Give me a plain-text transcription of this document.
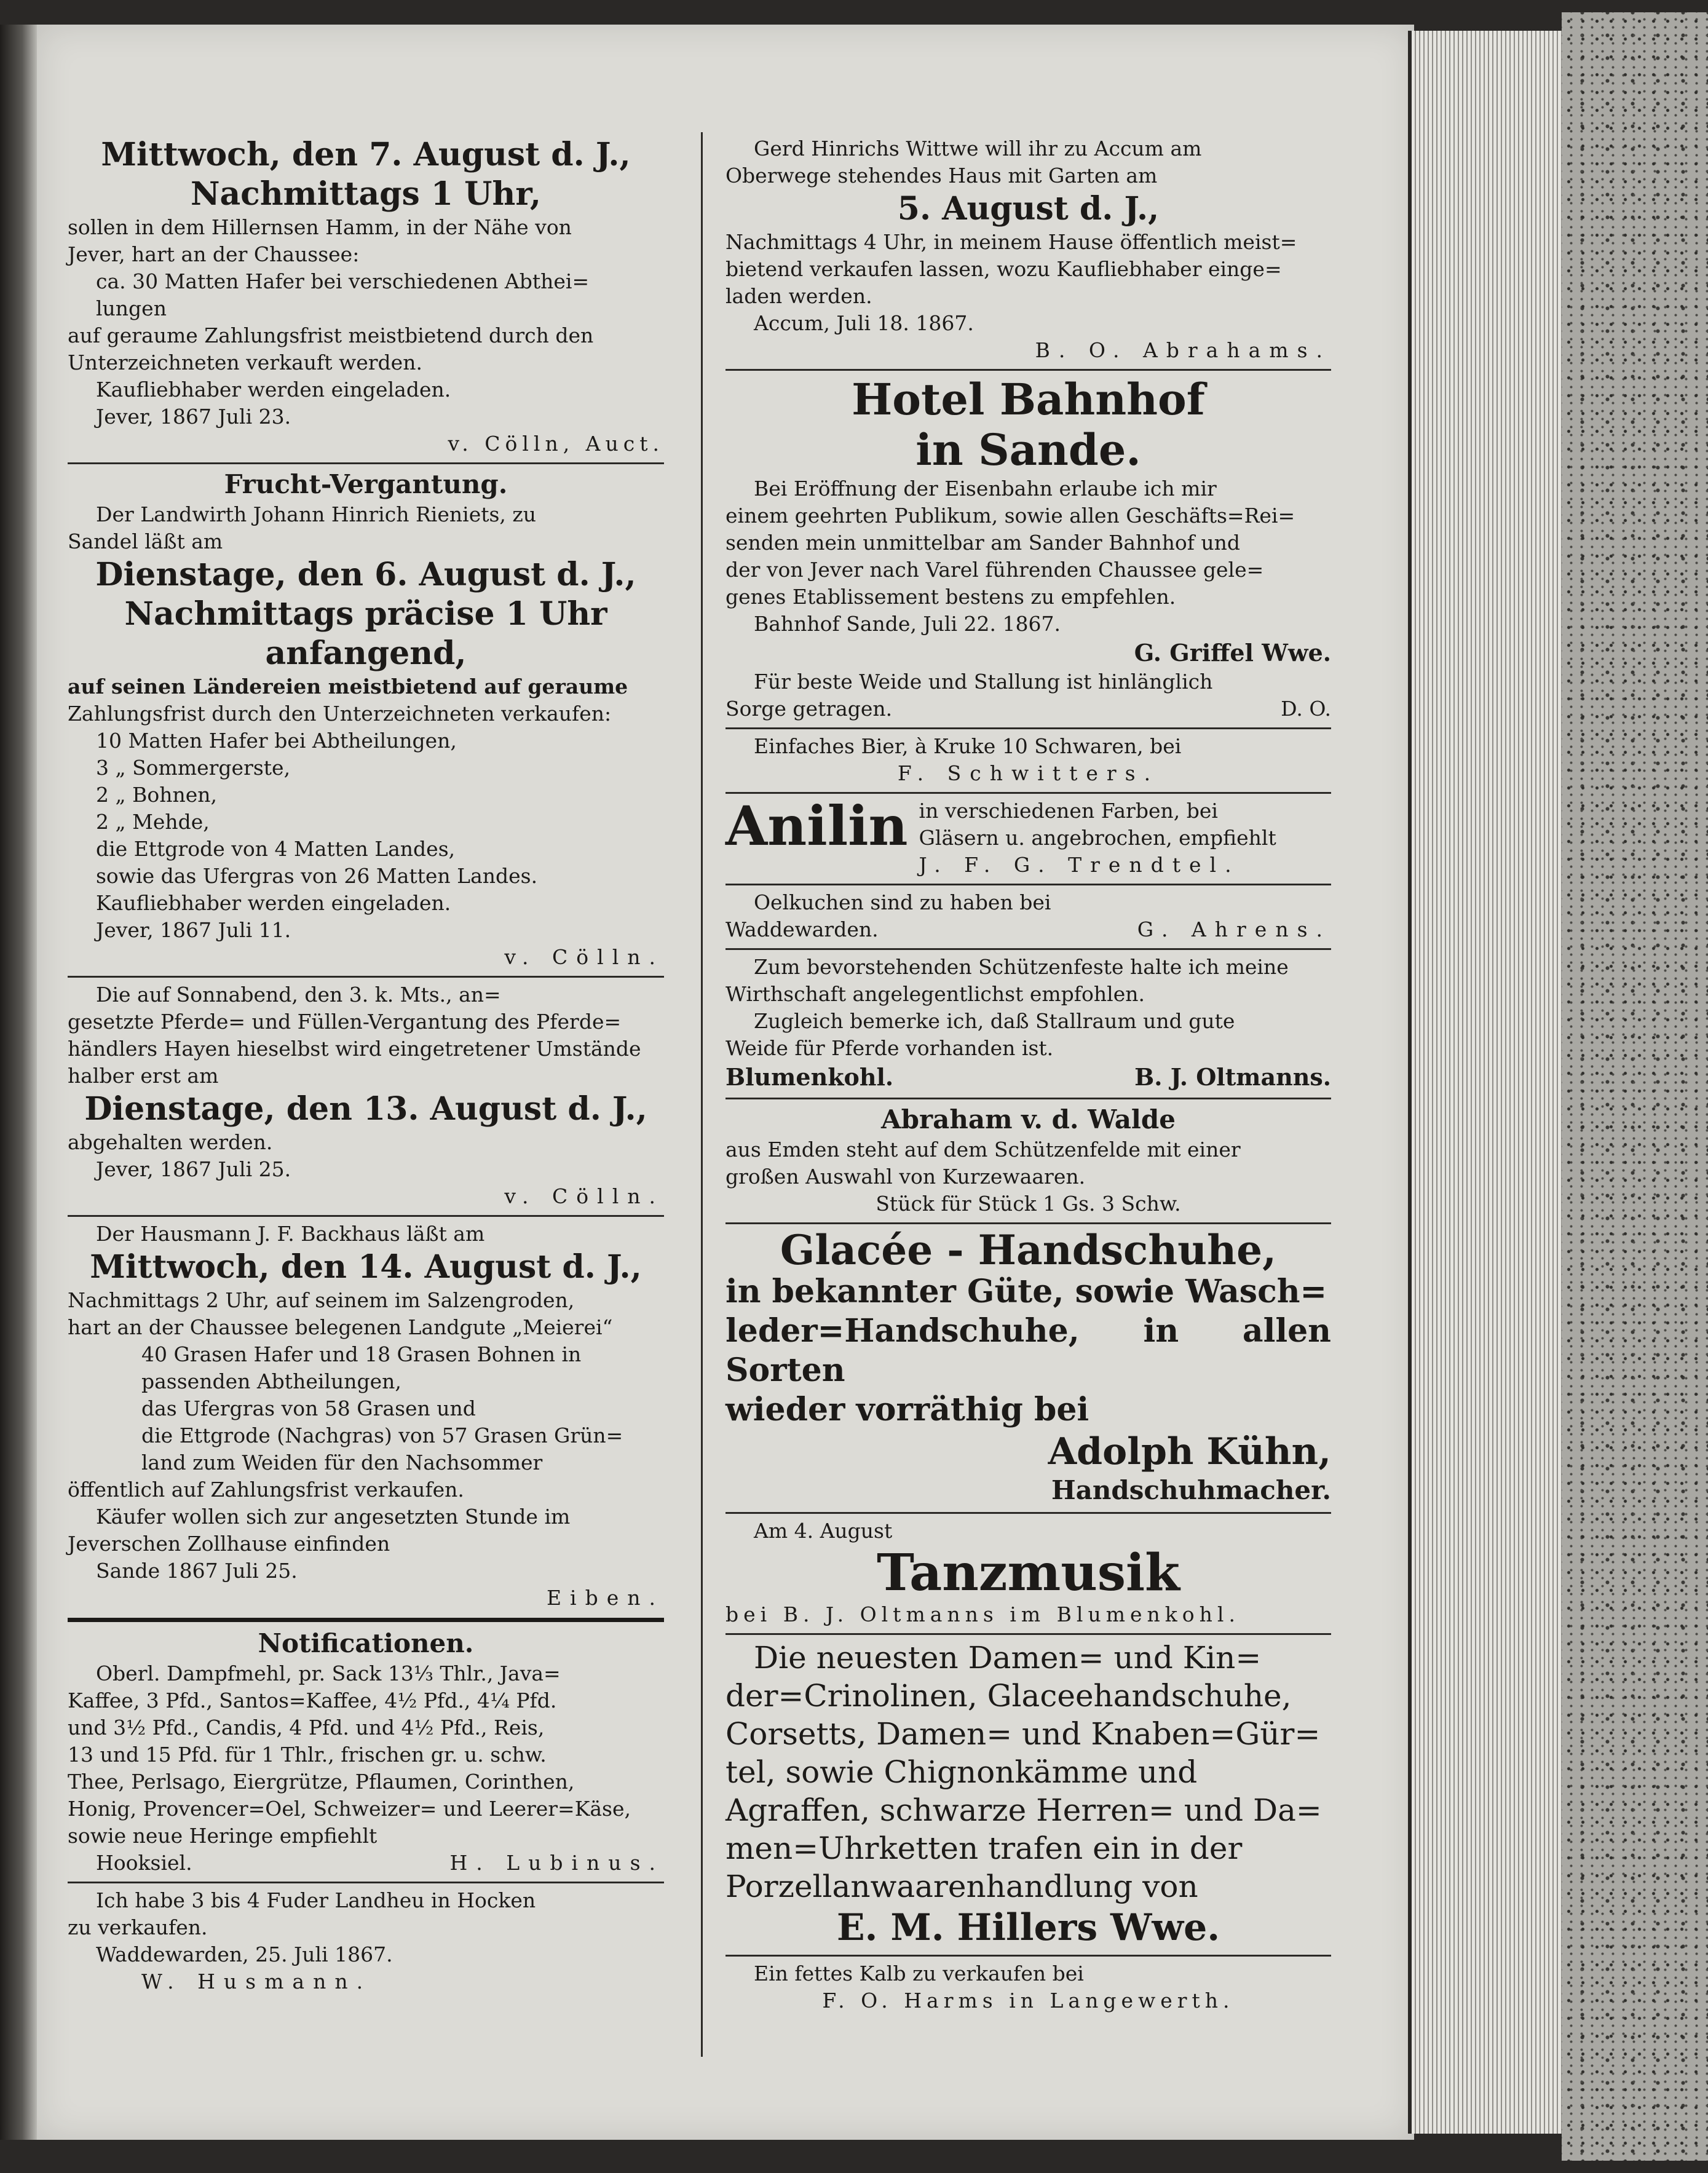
Mittwoch, den 7. August d. J.,

Nachmittags 1 Uhr,

sollen in dem Hillernsen Hamm, in der Nähe von

Jever, hart an der Chaussee:

ca. 30 Matten Hafer bei verschiedenen Abthei=

lungen

auf geraume Zahlungsfrist meistbietend durch den

Unterzeichneten verkauft werden.

Kaufliebhaber werden eingeladen.

Jever, 1867 Juli 23.

v. Cölln, Auct.

Frucht-Vergantung.

Der Landwirth Johann Hinrich Rieniets, zu

Sandel läßt am

Dienstage, den 6. August d. J.,

Nachmittags präcise 1 Uhr anfangend,

auf seinen Ländereien meistbietend auf geraume

Zahlungsfrist durch den Unterzeichneten verkaufen:

10 Matten Hafer bei Abtheilungen,

3 „ Sommergerste,

2 „ Bohnen,

2 „ Mehde,

die Ettgrode von 4 Matten Landes,

sowie das Ufergras von 26 Matten Landes.

Kaufliebhaber werden eingeladen.

Jever, 1867 Juli 11.

v. Cölln.

Die auf Sonnabend, den 3. k. Mts., an=

gesetzte Pferde= und Füllen-Vergantung des Pferde=

händlers Hayen hieselbst wird eingetretener Umstände

halber erst am

Dienstage, den 13. August d. J.,

abgehalten werden.

Jever, 1867 Juli 25.

v. Cölln.

Der Hausmann J. F. Backhaus läßt am

Mittwoch, den 14. August d. J.,

Nachmittags 2 Uhr, auf seinem im Salzengroden,

hart an der Chaussee belegenen Landgute „Meierei“

40 Grasen Hafer und 18 Grasen Bohnen in

passenden Abtheilungen,

das Ufergras von 58 Grasen und

die Ettgrode (Nachgras) von 57 Grasen Grün=

land zum Weiden für den Nachsommer

öffentlich auf Zahlungsfrist verkaufen.

Käufer wollen sich zur angesetzten Stunde im

Jeverschen Zollhause einfinden

Sande 1867 Juli 25.

Eiben.

Notificationen.

Oberl. Dampfmehl, pr. Sack 13⅓ Thlr., Java=

Kaffee, 3 Pfd., Santos=Kaffee, 4½ Pfd., 4¼ Pfd.

und 3½ Pfd., Candis, 4 Pfd. und 4½ Pfd., Reis,

13 und 15 Pfd. für 1 Thlr., frischen gr. u. schw.

Thee, Perlsago, Eiergrütze, Pflaumen, Corinthen,

Honig, Provencer=Oel, Schweizer= und Leerer=Käse,

sowie neue Heringe empfiehlt

Hooksiel.	H. Lubinus.

Ich habe 3 bis 4 Fuder Landheu in Hocken

zu verkaufen.

Waddewarden, 25. Juli 1867.

W. Husmann.

Gerd Hinrichs Wittwe will ihr zu Accum am

Oberwege stehendes Haus mit Garten am

5. August d. J.,

Nachmittags 4 Uhr, in meinem Hause öffentlich meist=

bietend verkaufen lassen, wozu Kaufliebhaber einge=

laden werden.

Accum, Juli 18. 1867.

B. O. Abrahams.

Hotel Bahnhof

in Sande.

Bei Eröffnung der Eisenbahn erlaube ich mir

einem geehrten Publikum, sowie allen Geschäfts=Rei=

senden mein unmittelbar am Sander Bahnhof und

der von Jever nach Varel führenden Chaussee gele=

genes Etablissement bestens zu empfehlen.

Bahnhof Sande, Juli 22. 1867.

G. Griffel Wwe.

Für beste Weide und Stallung ist hinlänglich

Sorge getragen.	D. O.

Einfaches Bier, à Kruke 10 Schwaren, bei

F. Schwitters.

Anilin in verschiedenen Farben, bei

Gläsern u. angebrochen, empfiehlt

J. F. G. Trendtel.

Oelkuchen sind zu haben bei

Waddewarden.	G. Ahrens.

Zum bevorstehenden Schützenfeste halte ich meine

Wirthschaft angelegentlichst empfohlen.

Zugleich bemerke ich, daß Stallraum und gute

Weide für Pferde vorhanden ist.

Blumenkohl.	B. J. Oltmanns.

Abraham v. d. Walde

aus Emden steht auf dem Schützenfelde mit einer

großen Auswahl von Kurzewaaren.

Stück für Stück 1 Gs. 3 Schw.

Glacée - Handschuhe,

in bekannter Güte, sowie Wasch=

leder=Handschuhe, in allen Sorten

wieder vorräthig bei

Adolph Kühn,

Handschuhmacher.

Am 4. August

Tanzmusik

bei B. J. Oltmanns im Blumenkohl.

Die neuesten Damen= und Kin=

der=Crinolinen, Glaceehandschuhe,

Corsetts, Damen= und Knaben=Gür=

tel, sowie Chignonkämme und

Agraffen, schwarze Herren= und Da=

men=Uhrketten trafen ein in der

Porzellanwaarenhandlung von

E. M. Hillers Wwe.

Ein fettes Kalb zu verkaufen bei

F. O. Harms in Langewerth.
